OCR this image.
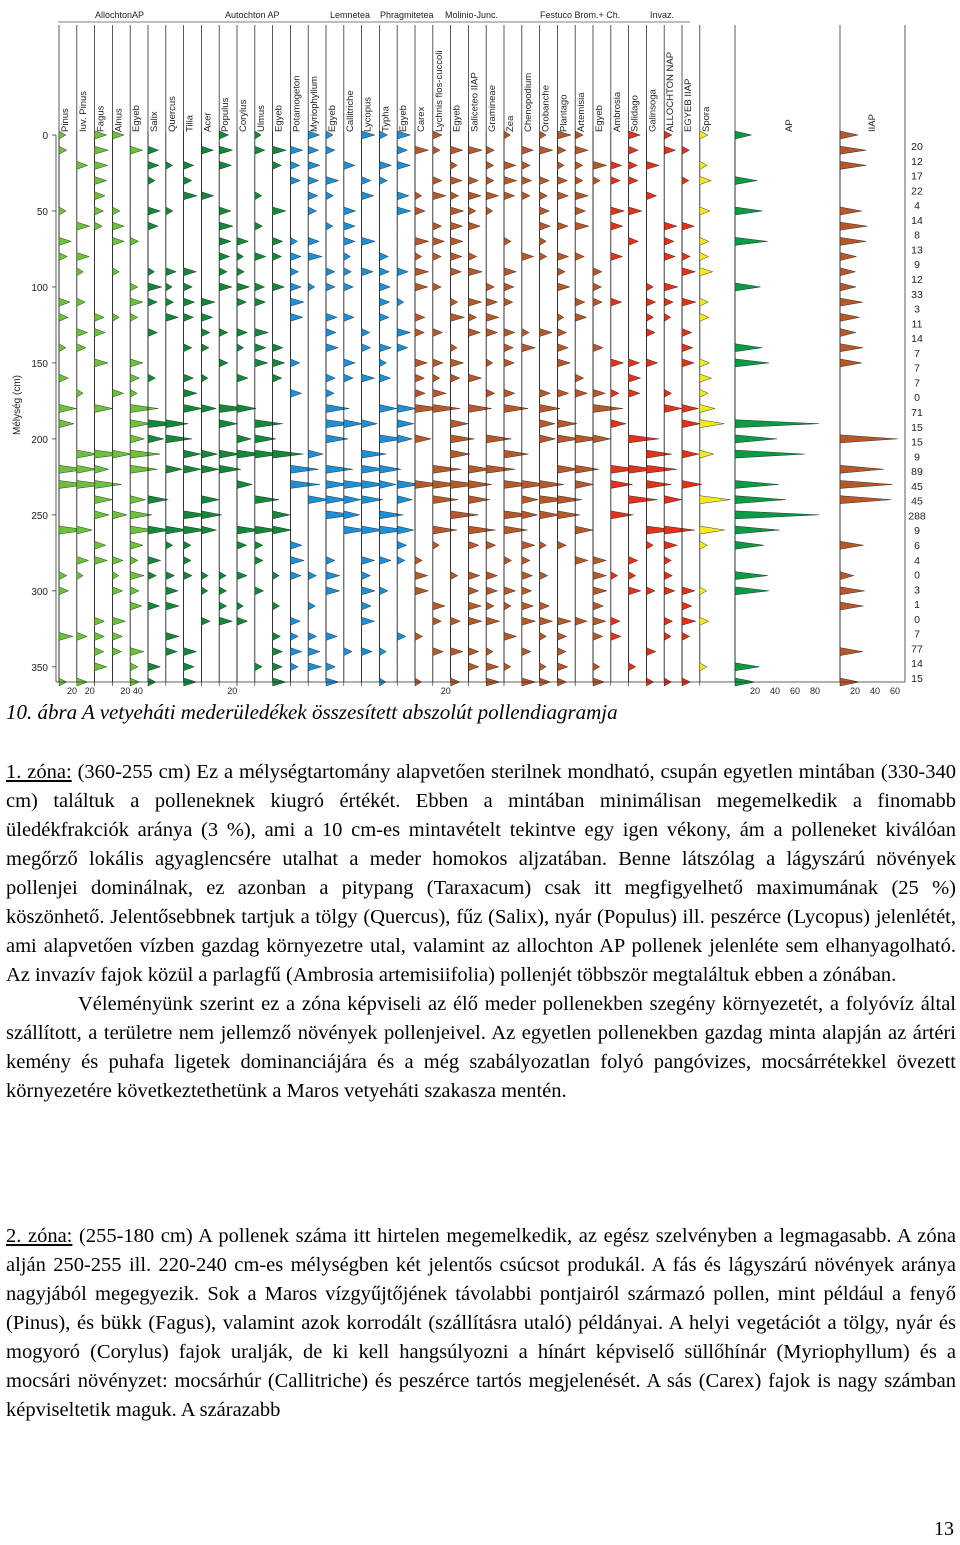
AllochtonAP	Autochton AP	Lemnetea Phragmitetea Molinio-Junc.	Festuco Brom.+ Ch.	Invaz.
Pinus Iuv. Pinus Fagus Alnus Egyeb Salix Quercus Tilia Acer Populus Corylus Ulmus Egyeb Potamogeton Myriophyllum Egyeb Callitriche Lycopus Typha Egyeb Carex Lychnis flos-cuccoli Egyeb Saliceteo IIAP Gramineae Zea Chenopodium Orobanche Plantago Artemisia Egyeb Ambrosia Solidago Galinsoga ALLOCHTON NAP EGYEB IIAP Spora	AP	IIAP
0
50
100
150
200
250
300
350
Mélység (cm)
20 20	20 40	20	20	20 40 60 80	20 40 60
20
12
17
22
4
14
8
13
9
12
33
3
11
14
7
7
7
0
71
15
15
9
89
45
45
288
9
6
4
0
3
1
0
7
77
14
15
10. ábra A vetyeháti mederüledékek összesített abszolút pollendiagramja

1. zóna: (360-255 cm) Ez a mélységtartomány alapvetően sterilnek mondható, csupán egyetlen mintában (330-340 cm) találtuk a polleneknek kiugró értékét. Ebben a mintában minimálisan megemelkedik a finomabb üledékfrakciók aránya (3 %), ami a 10 cm-es mintavételt tekintve egy igen vékony, ám a polleneket kiválóan megőrző lokális agyaglencsére utalhat a meder homokos aljzatában. Benne látszólag a lágyszárú növények pollenjei dominálnak, ez azonban a pitypang (Taraxacum) csak itt megfigyelhető maximumának (25 %) köszönhető. Jelentősebbnek tartjuk a tölgy (Quercus), fűz (Salix), nyár (Populus) ill. peszérce (Lycopus) jelenlétét, ami alapvetően vízben gazdag környezetre utal, valamint az allochton AP pollenek jelenléte sem elhanyagolható. Az invazív fajok közül a parlagfű (Ambrosia artemisiifolia) pollenjét többször megtaláltuk ebben a zónában.

Véleményünk szerint ez a zóna képviseli az élő meder pollenekben szegény környezetét, a folyóvíz által szállított, a területre nem jellemző növények pollenjeivel. Az egyetlen pollenekben gazdag minta alapján az ártéri kemény és puhafa ligetek dominanciájára és a még szabályozatlan folyó pangóvizes, mocsárrétekkel övezett környezetére következtethetünk a Maros vetyeháti szakasza mentén.

2. zóna: (255-180 cm) A pollenek száma itt hirtelen megemelkedik, az egész szelvényben a legmagasabb. A zóna alján 250-255 ill. 220-240 cm-es mélységben két jelentős csúcsot produkál. A fás és lágyszárú növények aránya nagyjából megegyezik. Sok a Maros vízgyűjtőjének távolabbi pontjairól származó pollen, mint például a fenyő (Pinus), és bükk (Fagus), valamint azok korrodált (szállításra utaló) példányai. A helyi vegetációt a tölgy, nyár és mogyoró (Corylus) fajok uralják, de ki kell hangsúlyozni a hínárt képviselő süllőhínár (Myriophyllum) és a mocsári növényzet: mocsárhúr (Callitriche) és peszérce tartós megjelenését. A sás (Carex) fajok is nagy számban képviseltetik maguk. A szárazabb

13
